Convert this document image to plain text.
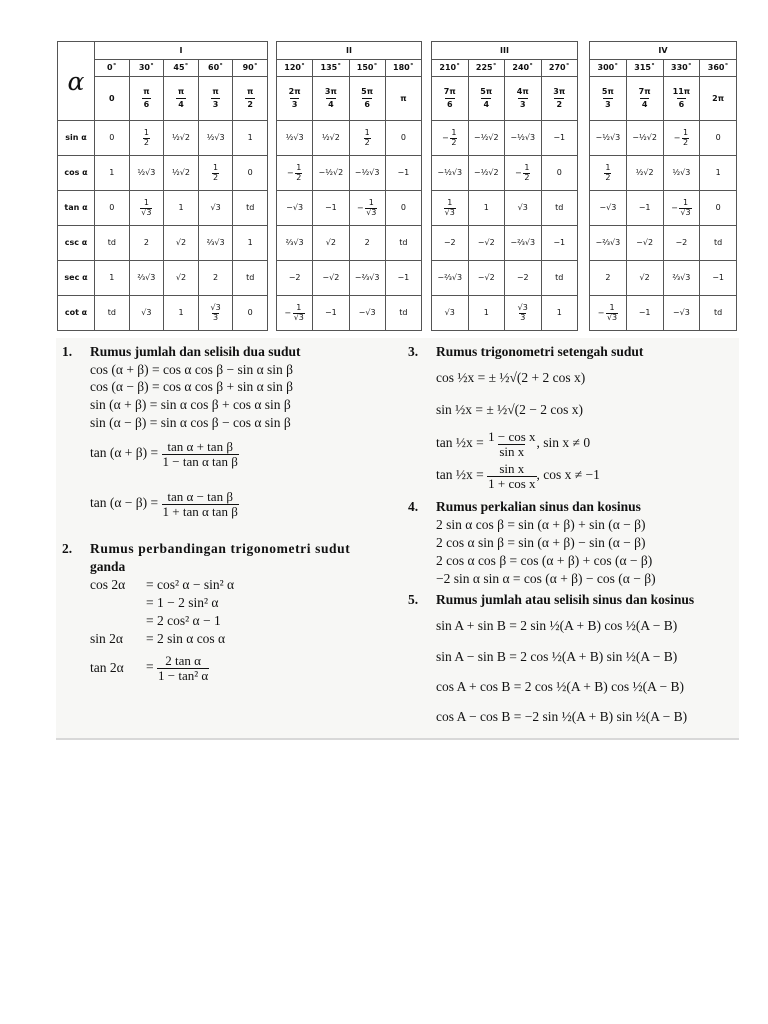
α	I				
	0˚	30˚	45˚	60˚	90˚
	0	$\frac{\pi}{6}$	$\frac{\pi}{4}$	$\frac{\pi}{3}$	$\frac{\pi}{2}$

sin α	0	$\frac{1}{2}$	½√2	½√3	1
cos α	1	½√3	½√2	$\frac{1}{2}$	0
tan α	0	$\frac{1}{√3}$	1	√3	td
csc α	td	2	√2	⅔√3	1
sec α	1	⅔√3	√2	2	td
cot α	td	√3	1	$\frac{√3}{3}$	0
II			
120˚	135˚	150˚	180˚

$\frac{2\pi}{3}$	$\frac{3\pi}{4}$	$\frac{5\pi}{6}$	π
½√3	½√2	$\frac{1}{2}$	0
−  $\frac{1}{2}$	−½√2	−½√3	−1
−√3	−1	−  $\frac{1}{√3}$	0
⅔√3	√2	2	td
−2	−√2	−⅔√3	−1
−  $\frac{1}{√3}$	−1	−√3	td
III			
210˚	225˚	240˚	270˚

$\frac{7\pi}{6}$	$\frac{5\pi}{4}$	$\frac{4\pi}{3}$	$\frac{3\pi}{2}$

−  $\frac{1}{2}$	−½√2	−½√3	−1
−½√3	−½√2	−  $\frac{1}{2}$	0

$\frac{1}{√3}$	1	√3	td
−2	−√2	−⅔√3	−1
−⅔√3	−√2	−2	td
√3	1	$\frac{√3}{3}$	1
IV			
300˚	315˚	330˚	360˚

$\frac{5\pi}{3}$	$\frac{7\pi}{4}$	$\frac{11\pi}{6}$	2π
−½√3	−½√2	−  $\frac{1}{2}$	0

$\frac{1}{2}$	½√2	½√3	1
−√3	−1	−  $\frac{1}{√3}$	0
−⅔√3	−√2	−2	td
2	√2	⅔√3	−1
−  $\frac{1}{√3}$	−1	−√3	td
1. Rumus jumlah dan selisih dua sudut
cos (α + β) = cos α cos β − sin α sin β
cos (α − β) = cos α cos β + sin α sin β
sin (α + β) = sin α cos β + cos α sin β
sin (α − β) = sin α cos β − cos α sin β
$\tan (\alpha + \beta) = \frac{\text{tan α + tan β}}{\text{1 − tan α tan β}}$
$\tan (\alpha - \beta) = \frac{\text{tan α − tan β}}{\text{1 + tan α tan β}}$
2. Rumus perbandingan trigonometri sudut
ganda
cos 2α = cos² α − sin² α
= 1 − 2 sin² α
= 2 cos² α − 1
sin 2α = 2 sin α cos α
$\tan 2\alpha = \frac{\text{2 tan α}}{\text{1 − tan² α}}$
3. Rumus trigonometri setengah sudut
cos ½x = ± ½√(2 + 2 cos x)
sin ½x = ± ½√(2 − 2 cos x)
tan ½x = $\frac{\text{1 − cos x}}{\text{sin x}}$ , sin x ≠ 0
tan ½x = $\frac{\text{sin x}}{\text{1 + cos x}}$ , cos x ≠ −1
4. Rumus perkalian sinus dan kosinus
2 sin α cos β = sin (α + β) + sin (α − β)
2 cos α sin β = sin (α + β) − sin (α − β)
2 cos α cos β = cos (α + β) + cos (α − β)
−2 sin α sin α = cos (α + β) − cos (α − β)
5. Rumus jumlah atau selisih sinus dan kosinus
sin A + sin B = 2 sin ½(A + B) cos ½(A − B)
sin A − sin B = 2 cos ½(A + B) sin ½(A − B)
cos A + cos B = 2 cos ½(A + B) cos ½(A − B)
cos A − cos B = −2 sin ½(A + B) sin ½(A − B)
